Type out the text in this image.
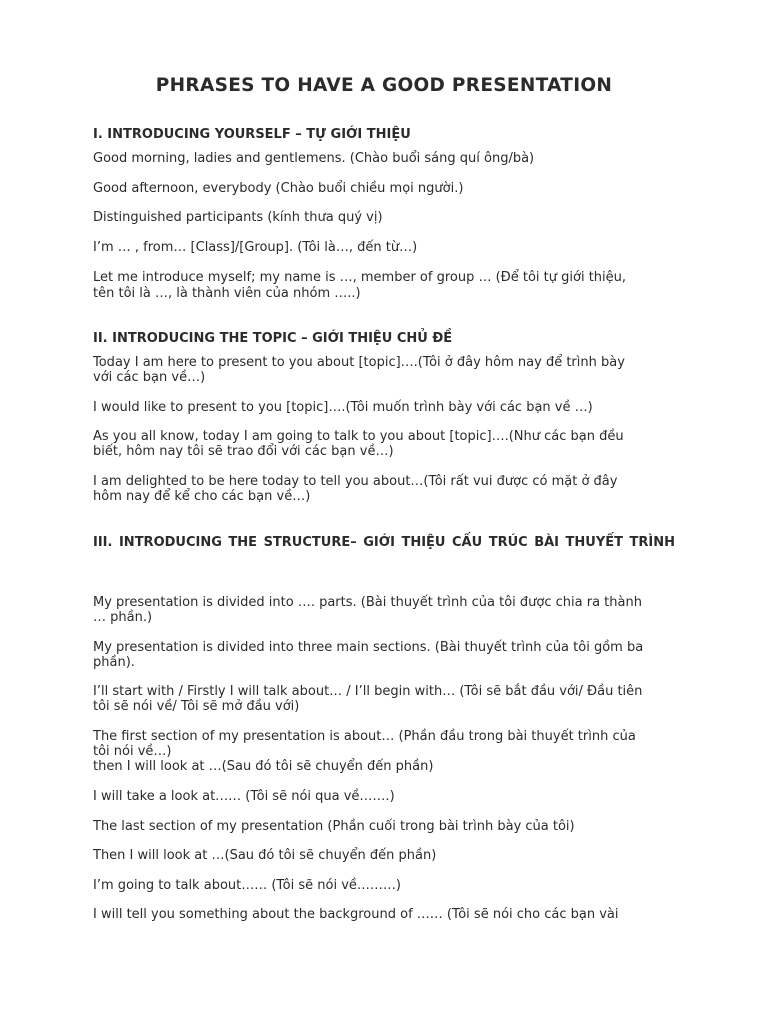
PHRASES TO HAVE A GOOD PRESENTATION
I. INTRODUCING YOURSELF – TỰ GIỚI THIỆU
Good morning, ladies and gentlemens. (Chào buổi sáng quí ông/bà)
Good afternoon, everybody (Chào buổi chiều mọi người.)
Distinguished participants (kính thưa quý vị)
I’m … , from… [Class]/[Group]. (Tôi là…, đến từ…)
Let me introduce myself; my name is …, member of group … (Để tôi tự giới thiệu,
tên tôi là …, là thành viên của nhóm …..)
II. INTRODUCING THE TOPIC – GIỚI THIỆU CHỦ ĐỀ
Today I am here to present to you about [topic]….(Tôi ở đây hôm nay để trình bày
với các bạn về…)
I would like to present to you [topic]….(Tôi muốn trình bày với các bạn về …)
As you all know, today I am going to talk to you about [topic]….(Như các bạn đều
biết, hôm nay tôi sẽ trao đổi với các bạn về…)
I am delighted to be here today to tell you about…(Tôi rất vui được có mặt ở đây
hôm nay để kể cho các bạn về…)
III. INTRODUCING THE STRUCTURE– GIỚI THIỆU CẤU TRÚC BÀI THUYẾT TRÌNH
My presentation is divided into …. parts. (Bài thuyết trình của tôi được chia ra thành
… phần.)
My presentation is divided into three main sections. (Bài thuyết trình của tôi gồm ba
phần).
I’ll start with / Firstly I will talk about… / I’ll begin with… (Tôi sẽ bắt đầu với/ Đầu tiên
tôi sẽ nói về/ Tôi sẽ mở đầu với)
The first section of my presentation is about… (Phần đầu trong bài thuyết trình của
tôi nói về…)
then I will look at …(Sau đó tôi sẽ chuyển đến phần)
I will take a look at…… (Tôi sẽ nói qua về…….)
The last section of my presentation (Phần cuối trong bài trình bày của tôi)
Then I will look at …(Sau đó tôi sẽ chuyển đến phần)
I’m going to talk about…… (Tôi sẽ nói về………)
I will tell you something about the background of …… (Tôi sẽ nói cho các bạn vài
